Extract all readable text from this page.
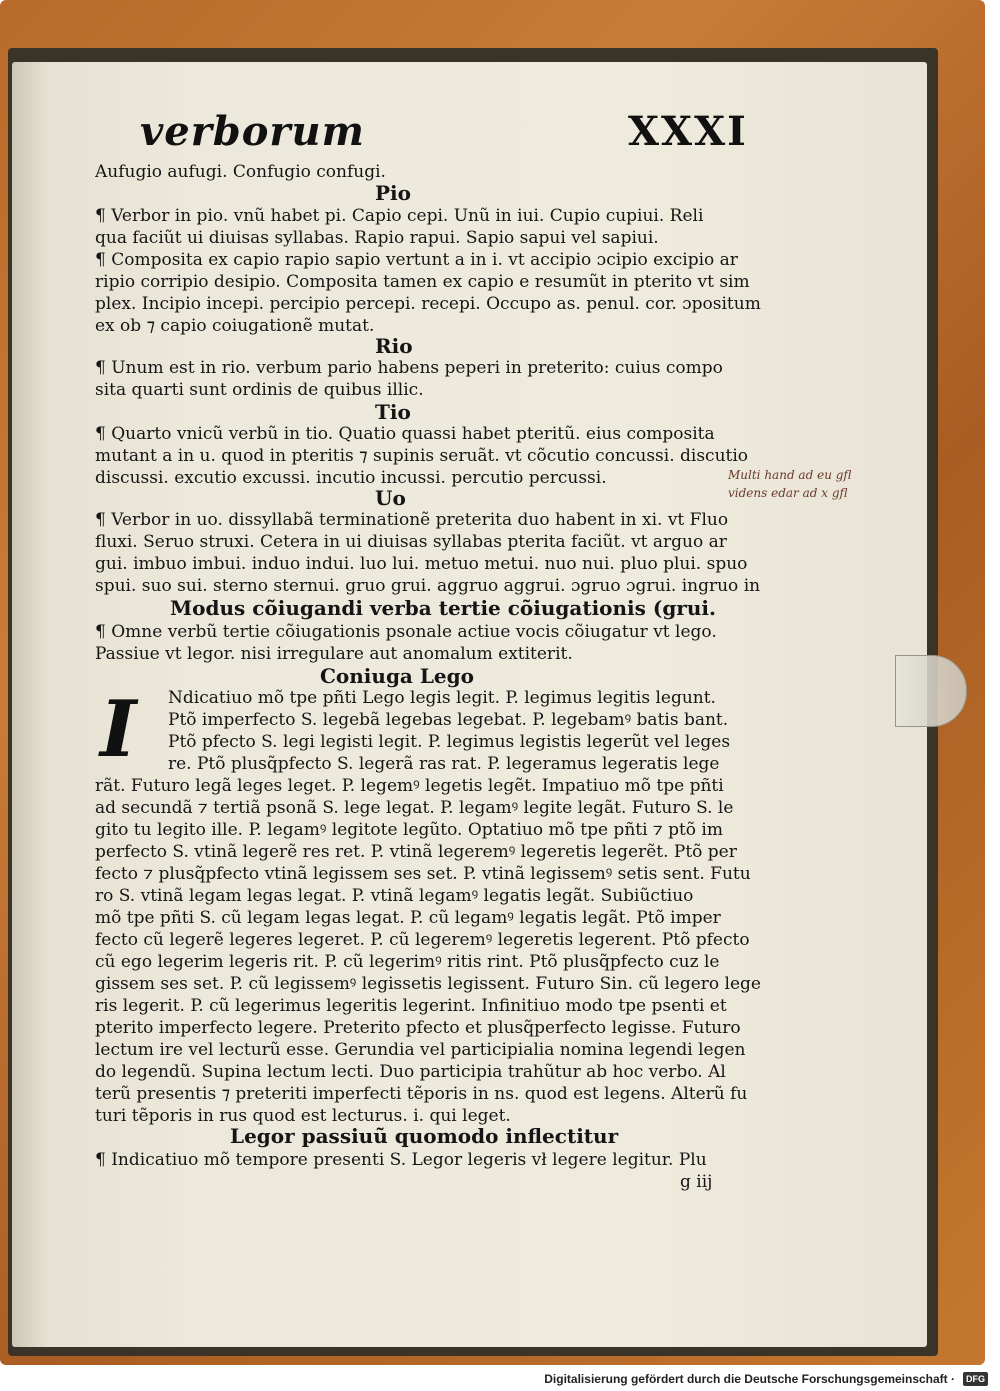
verborum	XXXI
Aufugio aufugi. Confugio confugi.
Pio
¶ Verbor in pio. vnũ habet pi. Capio cepi. Unũ in iui. Cupio cupiui. Reli
qua faciũt ui diuisas syllabas. Rapio rapui. Sapio sapui vel sapiui.
¶ Composita ex capio rapio sapio vertunt a in i. vt accipio ɔcipio excipio ar
ripio corripio desipio. Composita tamen ex capio e resumũt in pterito vt sim
plex. Incipio incepi. percipio percepi. recepi. Occupo as. penul. cor. ɔpositum
ex ob ⁊ capio coiugationẽ mutat.
Rio
¶ Unum est in rio. verbum pario habens peperi in preterito: cuius compo
sita quarti sunt ordinis de quibus illic.
Tio
¶ Quarto vnicũ verbũ in tio. Quatio quassi habet pteritũ. eius composita
mutant a in u. quod in pteritis ⁊ supinis seruãt. vt cõcutio concussi. discutio
discussi. excutio excussi. incutio incussi. percutio percussi.
Uo
¶ Verbor in uo. dissyllabã terminationẽ preterita duo habent in xi. vt Fluo
fluxi. Seruo struxi. Cetera in ui diuisas syllabas pterita faciũt. vt arguo ar
gui. imbuo imbui. induo indui. luo lui. metuo metui. nuo nui. pluo plui. spuo
spui. suo sui. sterno sternui. gruo grui. aggruo aggrui. ɔgruo ɔgrui. ingruo in
Modus cõiugandi verba tertie cõiugationis (grui.
¶ Omne verbũ tertie cõiugationis psonale actiue vocis cõiugatur vt lego.
Passiue vt legor. nisi irregulare aut anomalum extiterit.
Coniuga Lego
I	Ndicatiuo mõ tpe pñti Lego legis legit. P. legimus legitis legunt.
Ptõ imperfecto S. legebã legebas legebat. P. legebamꝰ batis bant.
Ptõ pfecto S. legi legisti legit. P. legimus legistis legerũt vel leges
re. Ptõ plusq̃pfecto S. legerã ras rat. P. legeramus legeratis lege
rãt. Futuro legã leges leget. P. legemꝰ legetis legẽt. Impatiuo mõ tpe pñti
ad secundã ⁊ tertiã psonã S. lege legat. P. legamꝰ legite legãt. Futuro S. le
gito tu legito ille. P. legamꝰ legitote legũto. Optatiuo mõ tpe pñti ⁊ ptõ im
perfecto S. vtinã legerẽ res ret. P. vtinã legeremꝰ legeretis legerẽt. Ptõ per
fecto ⁊ plusq̃pfecto vtinã legissem ses set. P. vtinã legissemꝰ setis sent. Futu
ro S. vtinã legam legas legat. P. vtinã legamꝰ legatis legãt. Subiũctiuo
mõ tpe pñti S. cũ legam legas legat. P. cũ legamꝰ legatis legãt. Ptõ imper
fecto cũ legerẽ legeres legeret. P. cũ legeremꝰ legeretis legerent. Ptõ pfecto
cũ ego legerim legeris rit. P. cũ legerimꝰ ritis rint. Ptõ plusq̃pfecto cuz le
gissem ses set. P. cũ legissemꝰ legissetis legissent. Futuro Sin. cũ legero lege
ris legerit. P. cũ legerimus legeritis legerint. Infinitiuo modo tpe psenti et
pterito imperfecto legere. Preterito pfecto et plusq̃perfecto legisse. Futuro
lectum ire vel lecturũ esse. Gerundia vel participialia nomina legendi legen
do legendũ. Supina lectum lecti. Duo participia trahũtur ab hoc verbo. Al
terũ presentis ⁊ preteriti imperfecti tẽporis in ns. quod est legens. Alterũ fu
turi tẽporis in rus quod est lecturus. i. qui leget.
Legor passiuũ quomodo inflectitur
¶ Indicatiuo mõ tempore presenti S. Legor legeris vł legere legitur. Plu
g iij
Multi hand ad eu gfl
videns edar ad x gfl
Digitalisierung gefördert durch die Deutsche Forschungsgemeinschaft ·	DFG
